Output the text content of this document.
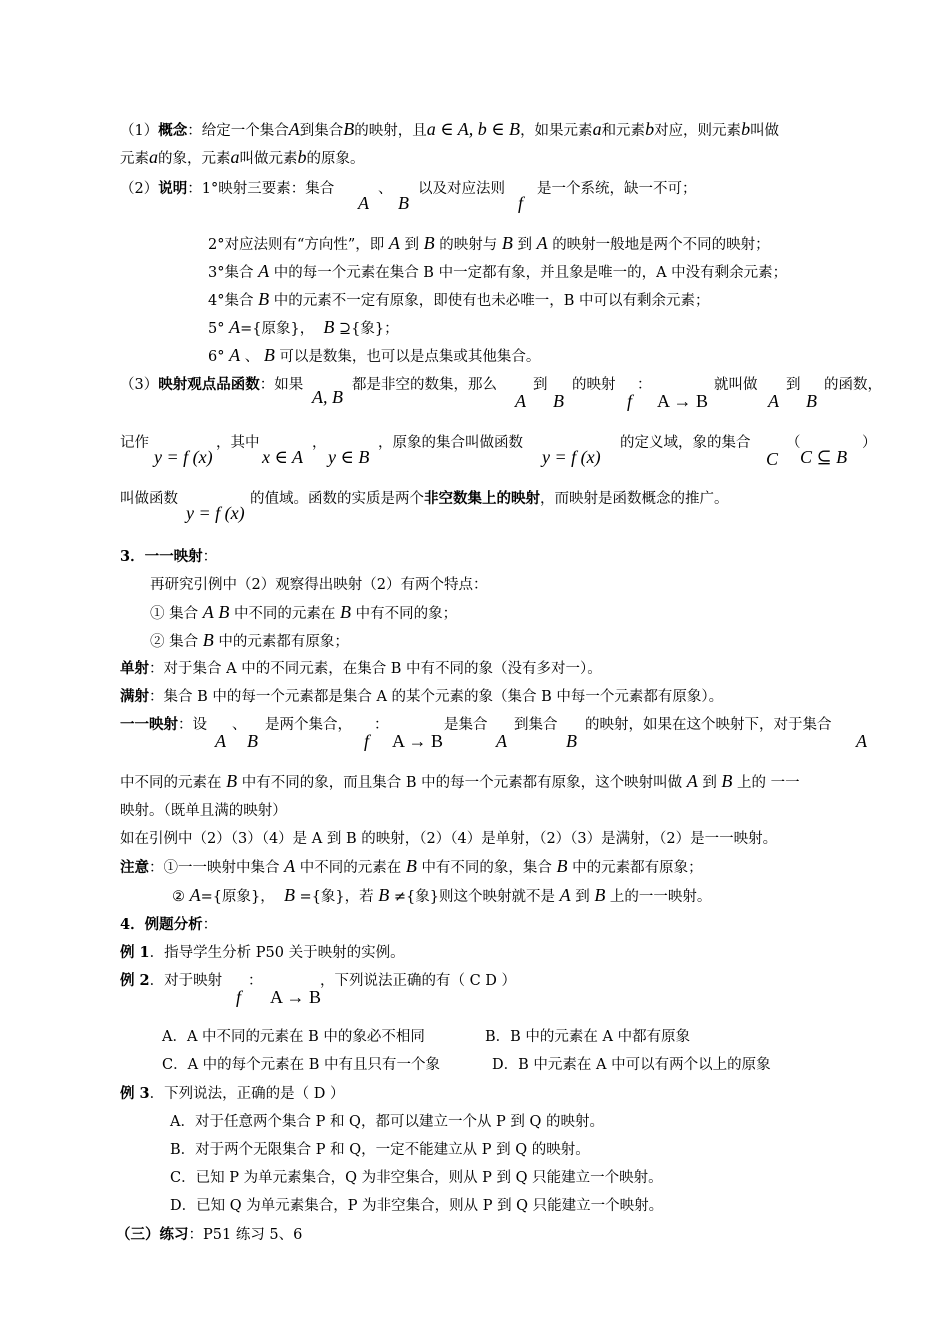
（1）概念：给定一个集合A到集合B的映射，且a ∈ A, b ∈ B，如果元素a和元素b对应，则元素b叫做
元素a的象，元素a叫做元素b的原象。
（2）说明：1°映射三要素：集合
A
、
B
以及对应法则
f
是一个系统，缺一不可；
2°对应法则有“方向性”，即 A 到 B 的映射与 B 到 A 的映射一般地是两个不同的映射；
3°集合 A 中的每一个元素在集合 B 中一定都有象，并且象是唯一的，A 中没有剩余元素；
4°集合 B 中的元素不一定有原象，即使有也未必唯一，B 中可以有剩余元素；
5° A={原象}， B ⊇{象}；
6° A 、 B 可以是数集，也可以是点集或其他集合。
（3）映射观点品函数：如果
A, B
都是非空的数集，那么
A
到
B
的映射
f
：
A → B
就叫做
A
到
B
的函数，
记作
y = f (x)
，其中
x ∈ A
，
y ∈ B
，原象的集合叫做函数
y = f (x)
的定义域，象的集合
C
（
C ⊆ B
）
叫做函数
y = f (x)
的值域。函数的实质是两个非空数集上的映射，而映射是函数概念的推广。
3．一一映射：
再研究引例中（2）观察得出映射（2）有两个特点：
① 集合 A B 中不同的元素在 B 中有不同的象；
② 集合 B 中的元素都有原象；
单射：对于集合 A 中的不同元素，在集合 B 中有不同的象（没有多对一）。
满射：集合 B 中的每一个元素都是集合 A 的某个元素的象（集合 B 中每一个元素都有原象）。
一一映射：设
A
、
B
是两个集合，
f
：
A → B
是集合
A
到集合
B
的映射，如果在这个映射下，对于集合
A
中不同的元素在 B 中有不同的象，而且集合 B 中的每一个元素都有原象，这个映射叫做 A 到 B 上的 一一
映射。（既单且满的映射）
如在引例中（2）（3）（4）是 A 到 B 的映射，（2）（4）是单射，（2）（3）是满射，（2）是一一映射。
注意：①一一映射中集合 A 中不同的元素在 B 中有不同的象，集合 B 中的元素都有原象；
② A={原象}， B ={象}，若 B ≠{象}则这个映射就不是 A 到 B 上的一一映射。
4．例题分析：
例 1．指导学生分析 P50 关于映射的实例。
例 2．对于映射
f
：
A → B
，下列说法正确的有（ C D ）
A．A 中不同的元素在 B 中的象必不相同	B．B 中的元素在 A 中都有原象
C．A 中的每个元素在 B 中有且只有一个象	D．B 中元素在 A 中可以有两个以上的原象
例 3．下列说法，正确的是（ D ）
A．对于任意两个集合 P 和 Q，都可以建立一个从 P 到 Q 的映射。
B．对于两个无限集合 P 和 Q，一定不能建立从 P 到 Q 的映射。
C．已知 P 为单元素集合，Q 为非空集合，则从 P 到 Q 只能建立一个映射。
D．已知 Q 为单元素集合，P 为非空集合，则从 P 到 Q 只能建立一个映射。
（三）练习：P51 练习 5、6
